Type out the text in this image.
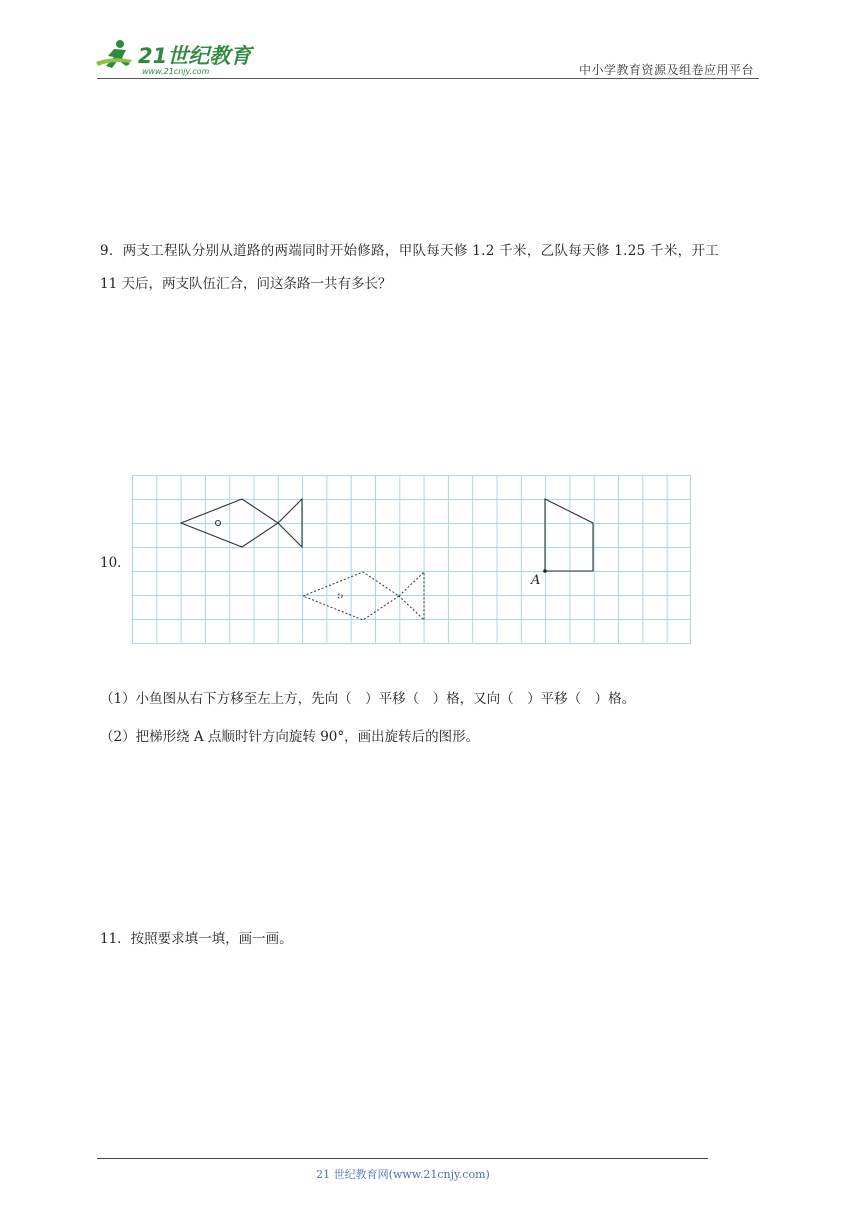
21世纪教育
www.21cnjy.com	中小学教育资源及组卷应用平台
9．两支工程队分别从道路的两端同时开始修路，甲队每天修 1.2 千米，乙队每天修 1.25 千米，开工
11 天后，两支队伍汇合，问这条路一共有多长？
10．
A
（1）小鱼图从右下方移至左上方，先向（　）平移（　）格，又向（　）平移（　）格。
（2）把梯形绕 A 点顺时针方向旋转 90°，画出旋转后的图形。
11．按照要求填一填，画一画。
21 世纪教育网(www.21cnjy.com)
